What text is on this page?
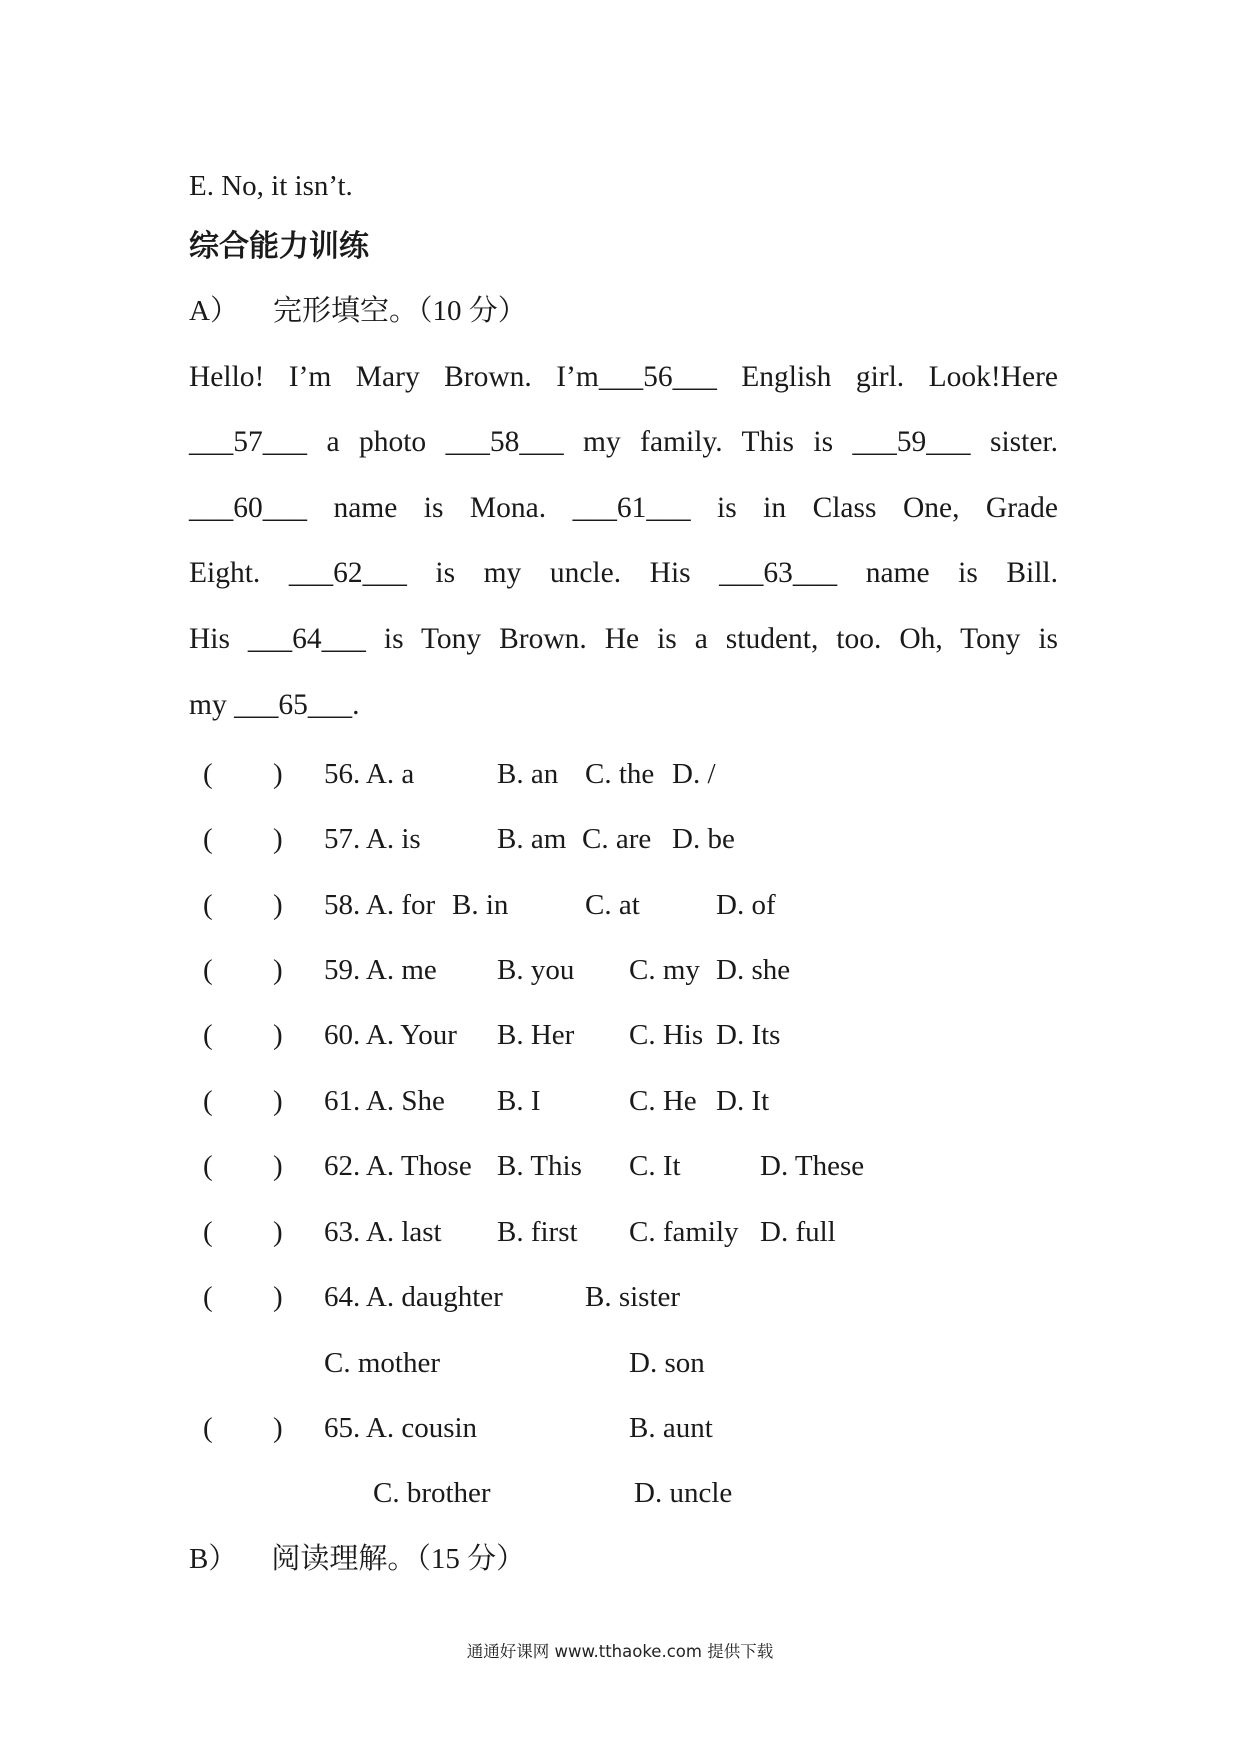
E. No, it isn’t.
综合能力训练
A） 完形填空。（10 分）
Hello! I’m Mary Brown. I’m___56___ English girl. Look!Here
___57___ a photo ___58___ my family. This is ___59___ sister.
___60___ name is Mona. ___61___ is in Class One, Grade
Eight. ___62___ is my uncle. His ___63___ name is Bill.
His ___64___ is Tony Brown. He is a student, too. Oh, Tony is
my ___65___.
( ) 56. A. a	B. an C. the D. /
( ) 57. A. is	B. am C. are D. be
( ) 58. A. for B. in	C. at	D. of
( ) 59. A. me B. you C. my D. she
( ) 60. A. Your B. Her C. His D. Its
( ) 61. A. She B. I	C. He D. It
( ) 62. A. Those B. This C. It	D. These
( ) 63. A. last B. first C. family D. full
( ) 64. A. daughter	B. sister
C. mother	D. son
( ) 65. A. cousin	B. aunt
C. brother	D. uncle
B） 阅读理解。（15 分）
通通好课网 www.tthaoke.com 提供下载
